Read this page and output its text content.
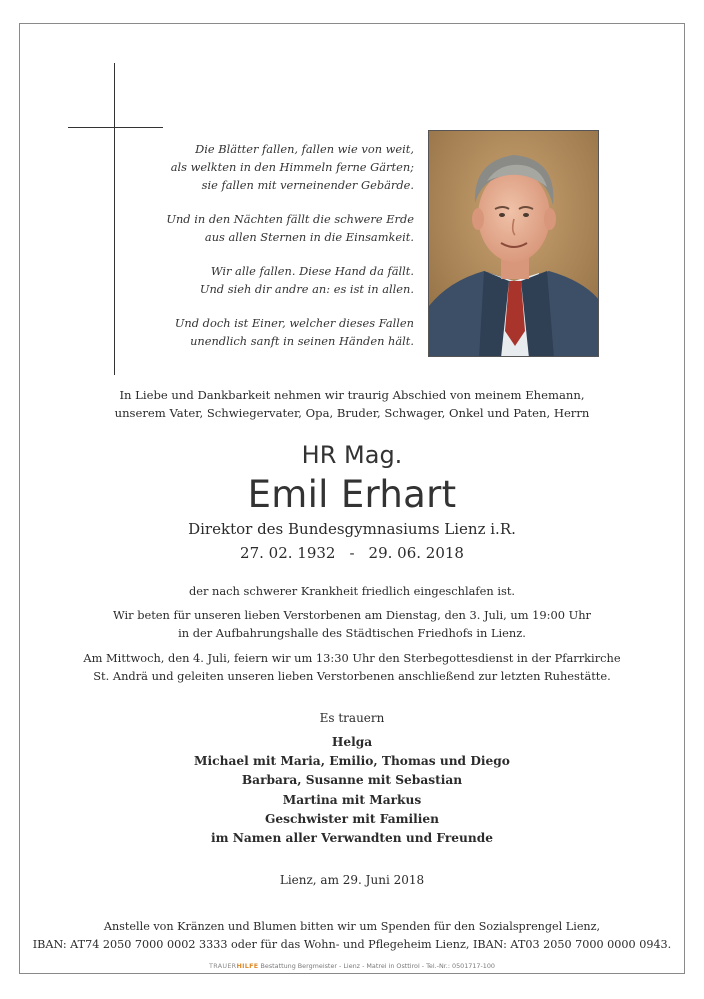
Die Blätter fallen, fallen wie von weit,
als welkten in den Himmeln ferne Gärten;
sie fallen mit verneinender Gebärde.
Und in den Nächten fällt die schwere Erde
aus allen Sternen in die Einsamkeit.
Wir alle fallen. Diese Hand da fällt.
Und sieh dir andre an: es ist in allen.
Und doch ist Einer, welcher dieses Fallen
unendlich sanft in seinen Händen hält.
In Liebe und Dankbarkeit nehmen wir traurig Abschied von meinem Ehemann,
unserem Vater, Schwiegervater, Opa, Bruder, Schwager, Onkel und Paten, Herrn
HR Mag.
Emil Erhart
Direktor des Bundesgymnasiums Lienz i.R.
27. 02. 1932 - 29. 06. 2018
der nach schwerer Krankheit friedlich eingeschlafen ist.
Wir beten für unseren lieben Verstorbenen am Dienstag, den 3. Juli, um 19:00 Uhr
in der Aufbahrungshalle des Städtischen Friedhofs in Lienz.
Am Mittwoch, den 4. Juli, feiern wir um 13:30 Uhr den Sterbegottesdienst in der Pfarrkirche
St. Andrä und geleiten unseren lieben Verstorbenen anschließend zur letzten Ruhestätte.
Es trauern
Helga
Michael mit Maria, Emilio, Thomas und Diego
Barbara, Susanne mit Sebastian
Martina mit Markus
Geschwister mit Familien
im Namen aller Verwandten und Freunde
Lienz, am 29. Juni 2018
Anstelle von Kränzen und Blumen bitten wir um Spenden für den Sozialsprengel Lienz,
IBAN: AT74 2050 7000 0002 3333 oder für das Wohn- und Pflegeheim Lienz, IBAN: AT03 2050 7000 0000 0943.
TRAUERHILFE Bestattung Bergmeister - Lienz - Matrei in Osttirol - Tel.-Nr.: 0501717-100
